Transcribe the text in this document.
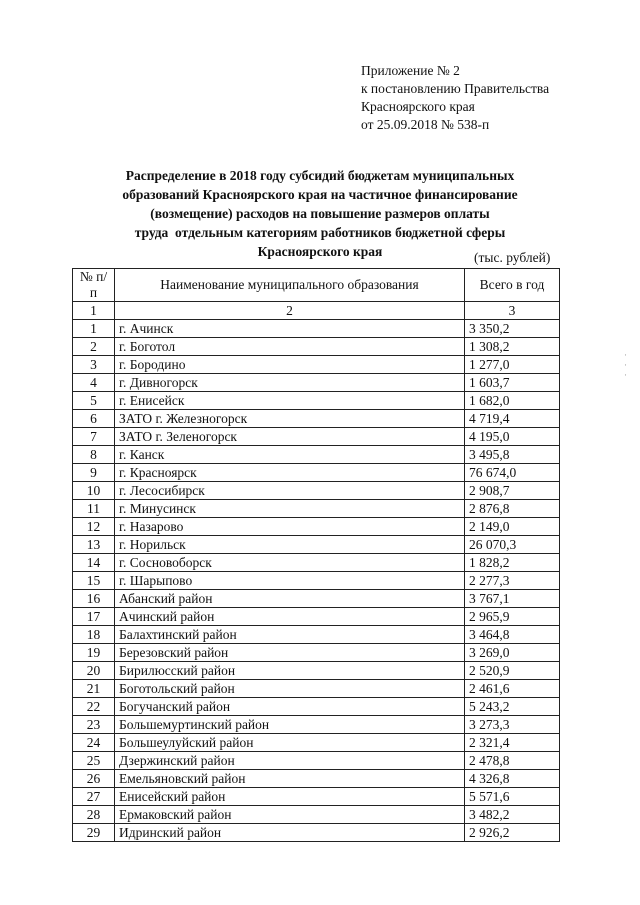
Приложение № 2
к постановлению Правительства
Красноярского края
от 25.09.2018 № 538-п
Распределение в 2018 году субсидий бюджетам муниципальных
образований Красноярского края на частичное финансирование
(возмещение) расходов на повышение размеров оплаты
труда  отдельным категориям работников бюджетной сферы
Красноярского края	(тыс. рублей)
№ п/п	Наименование муниципального образования	Всего в год
1	2	3
1	г. Ачинск	3 350,2
2	г. Боготол	1 308,2
3	г. Бородино	1 277,0
4	г. Дивногорск	1 603,7
5	г. Енисейск	1 682,0
6	ЗАТО г. Железногорск	4 719,4
7	ЗАТО г. Зеленогорск	4 195,0
8	г. Канск	3 495,8
9	г. Красноярск	76 674,0
10	г. Лесосибирск	2 908,7
11	г. Минусинск	2 876,8
12	г. Назарово	2 149,0
13	г. Норильск	26 070,3
14	г. Сосновоборск	1 828,2
15	г. Шарыпово	2 277,3
16	Абанский район	3 767,1
17	Ачинский район	2 965,9
18	Балахтинский район	3 464,8
19	Березовский район	3 269,0
20	Бирилюсский район	2 520,9
21	Боготольский район	2 461,6
22	Богучанский район	5 243,2
23	Большемуртинский район	3 273,3
24	Большеулуйский район	2 321,4
25	Дзержинский район	2 478,8
26	Емельяновский район	4 326,8
27	Енисейский район	5 571,6
28	Ермаковский район	3 482,2
29	Идринский район	2 926,2
·
·
·
